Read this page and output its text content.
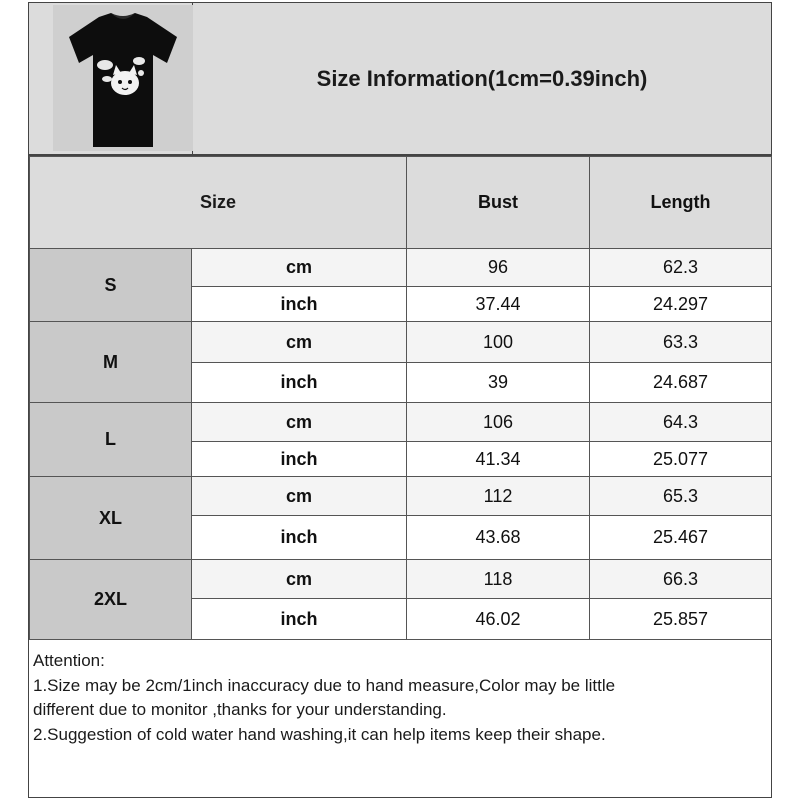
Size Information(1cm=0.39inch)
Size		Bust	Length
S	cm	96	62.3
	inch	37.44	24.297
M	cm	100	63.3
	inch	39	24.687
L	cm	106	64.3
	inch	41.34	25.077
XL	cm	112	65.3
	inch	43.68	25.467
2XL	cm	118	66.3
	inch	46.02	25.857
Attention:
1.Size may be 2cm/1inch inaccuracy due to hand measure,Color may be little
different due to monitor ,thanks for your understanding.
2.Suggestion of cold water hand washing,it can help items keep their shape.
